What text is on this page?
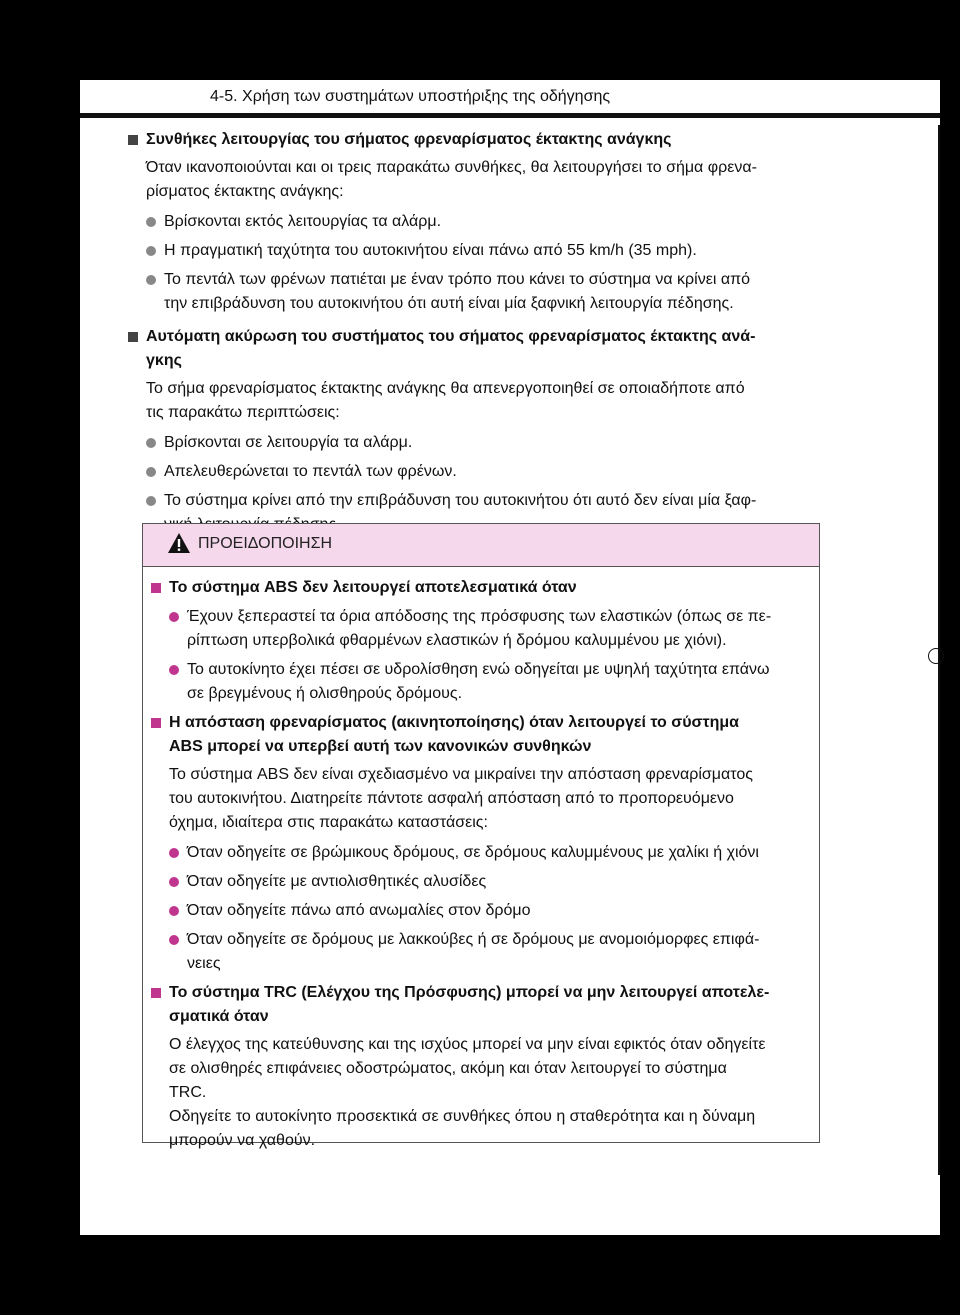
4-5. Χρήση των συστημάτων υποστήριξης της οδήγησης
Συνθήκες λειτουργίας του σήματος φρεναρίσματος έκτακτης ανάγκης
Όταν ικανοποιούνται και οι τρεις παρακάτω συνθήκες, θα λειτουργήσει το σήμα φρενα-
ρίσματος έκτακτης ανάγκης:
Βρίσκονται εκτός λειτουργίας τα αλάρμ.
Η πραγματική ταχύτητα του αυτοκινήτου είναι πάνω από 55 km/h (35 mph).
Το πεντάλ των φρένων πατιέται με έναν τρόπο που κάνει το σύστημα να κρίνει από
την επιβράδυνση του αυτοκινήτου ότι αυτή είναι μία ξαφνική λειτουργία πέδησης.
Αυτόματη ακύρωση του συστήματος του σήματος φρεναρίσματος έκτακτης ανά-
γκης
Το σήμα φρεναρίσματος έκτακτης ανάγκης θα απενεργοποιηθεί σε οποιαδήποτε από
τις παρακάτω περιπτώσεις:
Βρίσκονται σε λειτουργία τα αλάρμ.
Απελευθερώνεται το πεντάλ των φρένων.
Το σύστημα κρίνει από την επιβράδυνση του αυτοκινήτου ότι αυτό δεν είναι μία ξαφ-
ΠΡΟΕΙΔΟΠΟΙΗΣΗ
Το σύστημα ABS δεν λειτουργεί αποτελεσματικά όταν
Έχουν ξεπεραστεί τα όρια απόδοσης της πρόσφυσης των ελαστικών (όπως σε πε-
ρίπτωση υπερβολικά φθαρμένων ελαστικών ή δρόμου καλυμμένου με χιόνι).
Το αυτοκίνητο έχει πέσει σε υδρολίσθηση ενώ οδηγείται με υψηλή ταχύτητα επάνω
σε βρεγμένους ή ολισθηρούς δρόμους.
Η απόσταση φρεναρίσματος (ακινητοποίησης) όταν λειτουργεί το σύστημα
ABS μπορεί να υπερβεί αυτή των κανονικών συνθηκών
Το σύστημα ABS δεν είναι σχεδιασμένο να μικραίνει την απόσταση φρεναρίσματος
του αυτοκινήτου. Διατηρείτε πάντοτε ασφαλή απόσταση από το προπορευόμενο
όχημα, ιδιαίτερα στις παρακάτω καταστάσεις:
Όταν οδηγείτε σε βρώμικους δρόμους, σε δρόμους καλυμμένους με χαλίκι ή χιόνι
Όταν οδηγείτε με αντιολισθητικές αλυσίδες
Όταν οδηγείτε πάνω από ανωμαλίες στον δρόμο
Όταν οδηγείτε σε δρόμους με λακκούβες ή σε δρόμους με ανομοιόμορφες επιφά-
νειες
Το σύστημα TRC (Ελέγχου της Πρόσφυσης) μπορεί να μην λειτουργεί αποτελε-
σματικά όταν
Ο έλεγχος της κατεύθυνσης και της ισχύος μπορεί να μην είναι εφικτός όταν οδηγείτε
σε ολισθηρές επιφάνειες οδοστρώματος, ακόμη και όταν λειτουργεί το σύστημα
TRC.
Οδηγείτε το αυτοκίνητο προσεκτικά σε συνθήκες όπου η σταθερότητα και η δύναμη
μπορούν να χαθούν.
